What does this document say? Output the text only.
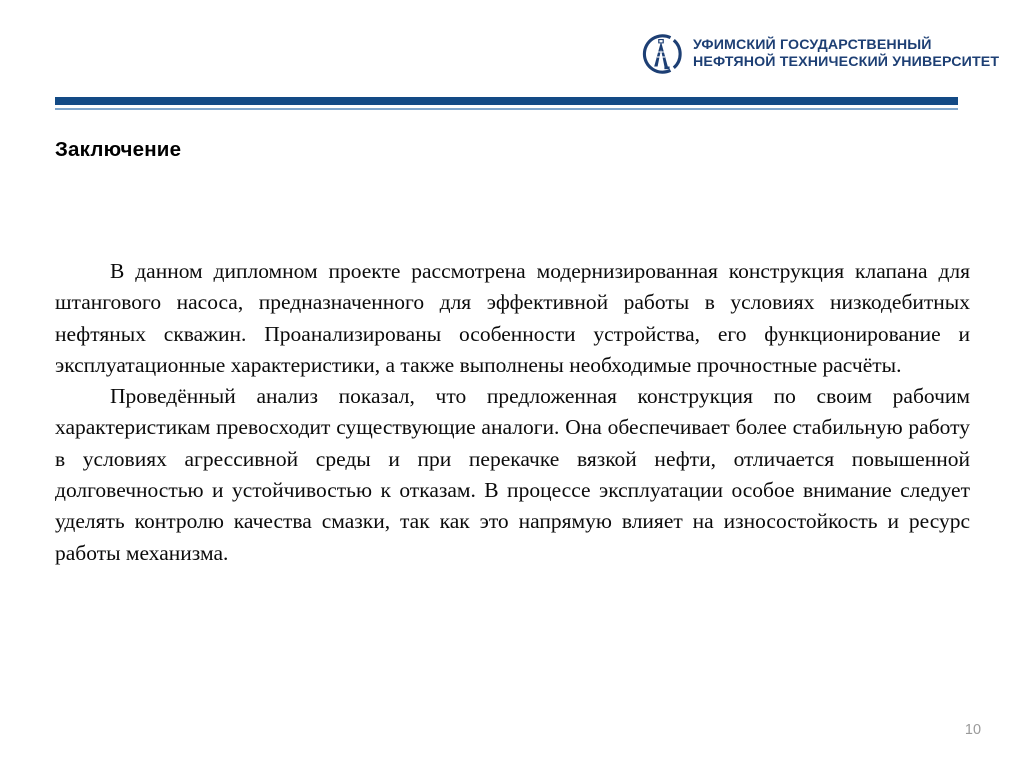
УФИМСКИЙ ГОСУДАРСТВЕННЫЙ
НЕФТЯНОЙ ТЕХНИЧЕСКИЙ УНИВЕРСИТЕТ
Заключение

В данном дипломном проекте рассмотрена модернизированная конструкция клапана для штангового насоса, предназначенного для эффективной работы в условиях низкодебитных нефтяных скважин. Проанализированы особенности устройства, его функционирование и эксплуатационные характеристики, а также выполнены необходимые прочностные расчёты.

Проведённый анализ показал, что предложенная конструкция по своим рабочим характеристикам превосходит существующие аналоги. Она обеспечивает более стабильную работу в условиях агрессивной среды и при перекачке вязкой нефти, отличается повышенной долговечностью и устойчивостью к отказам. В процессе эксплуатации особое внимание следует уделять контролю качества смазки, так как это напрямую влияет на износостойкость и ресурс работы механизма.

10
